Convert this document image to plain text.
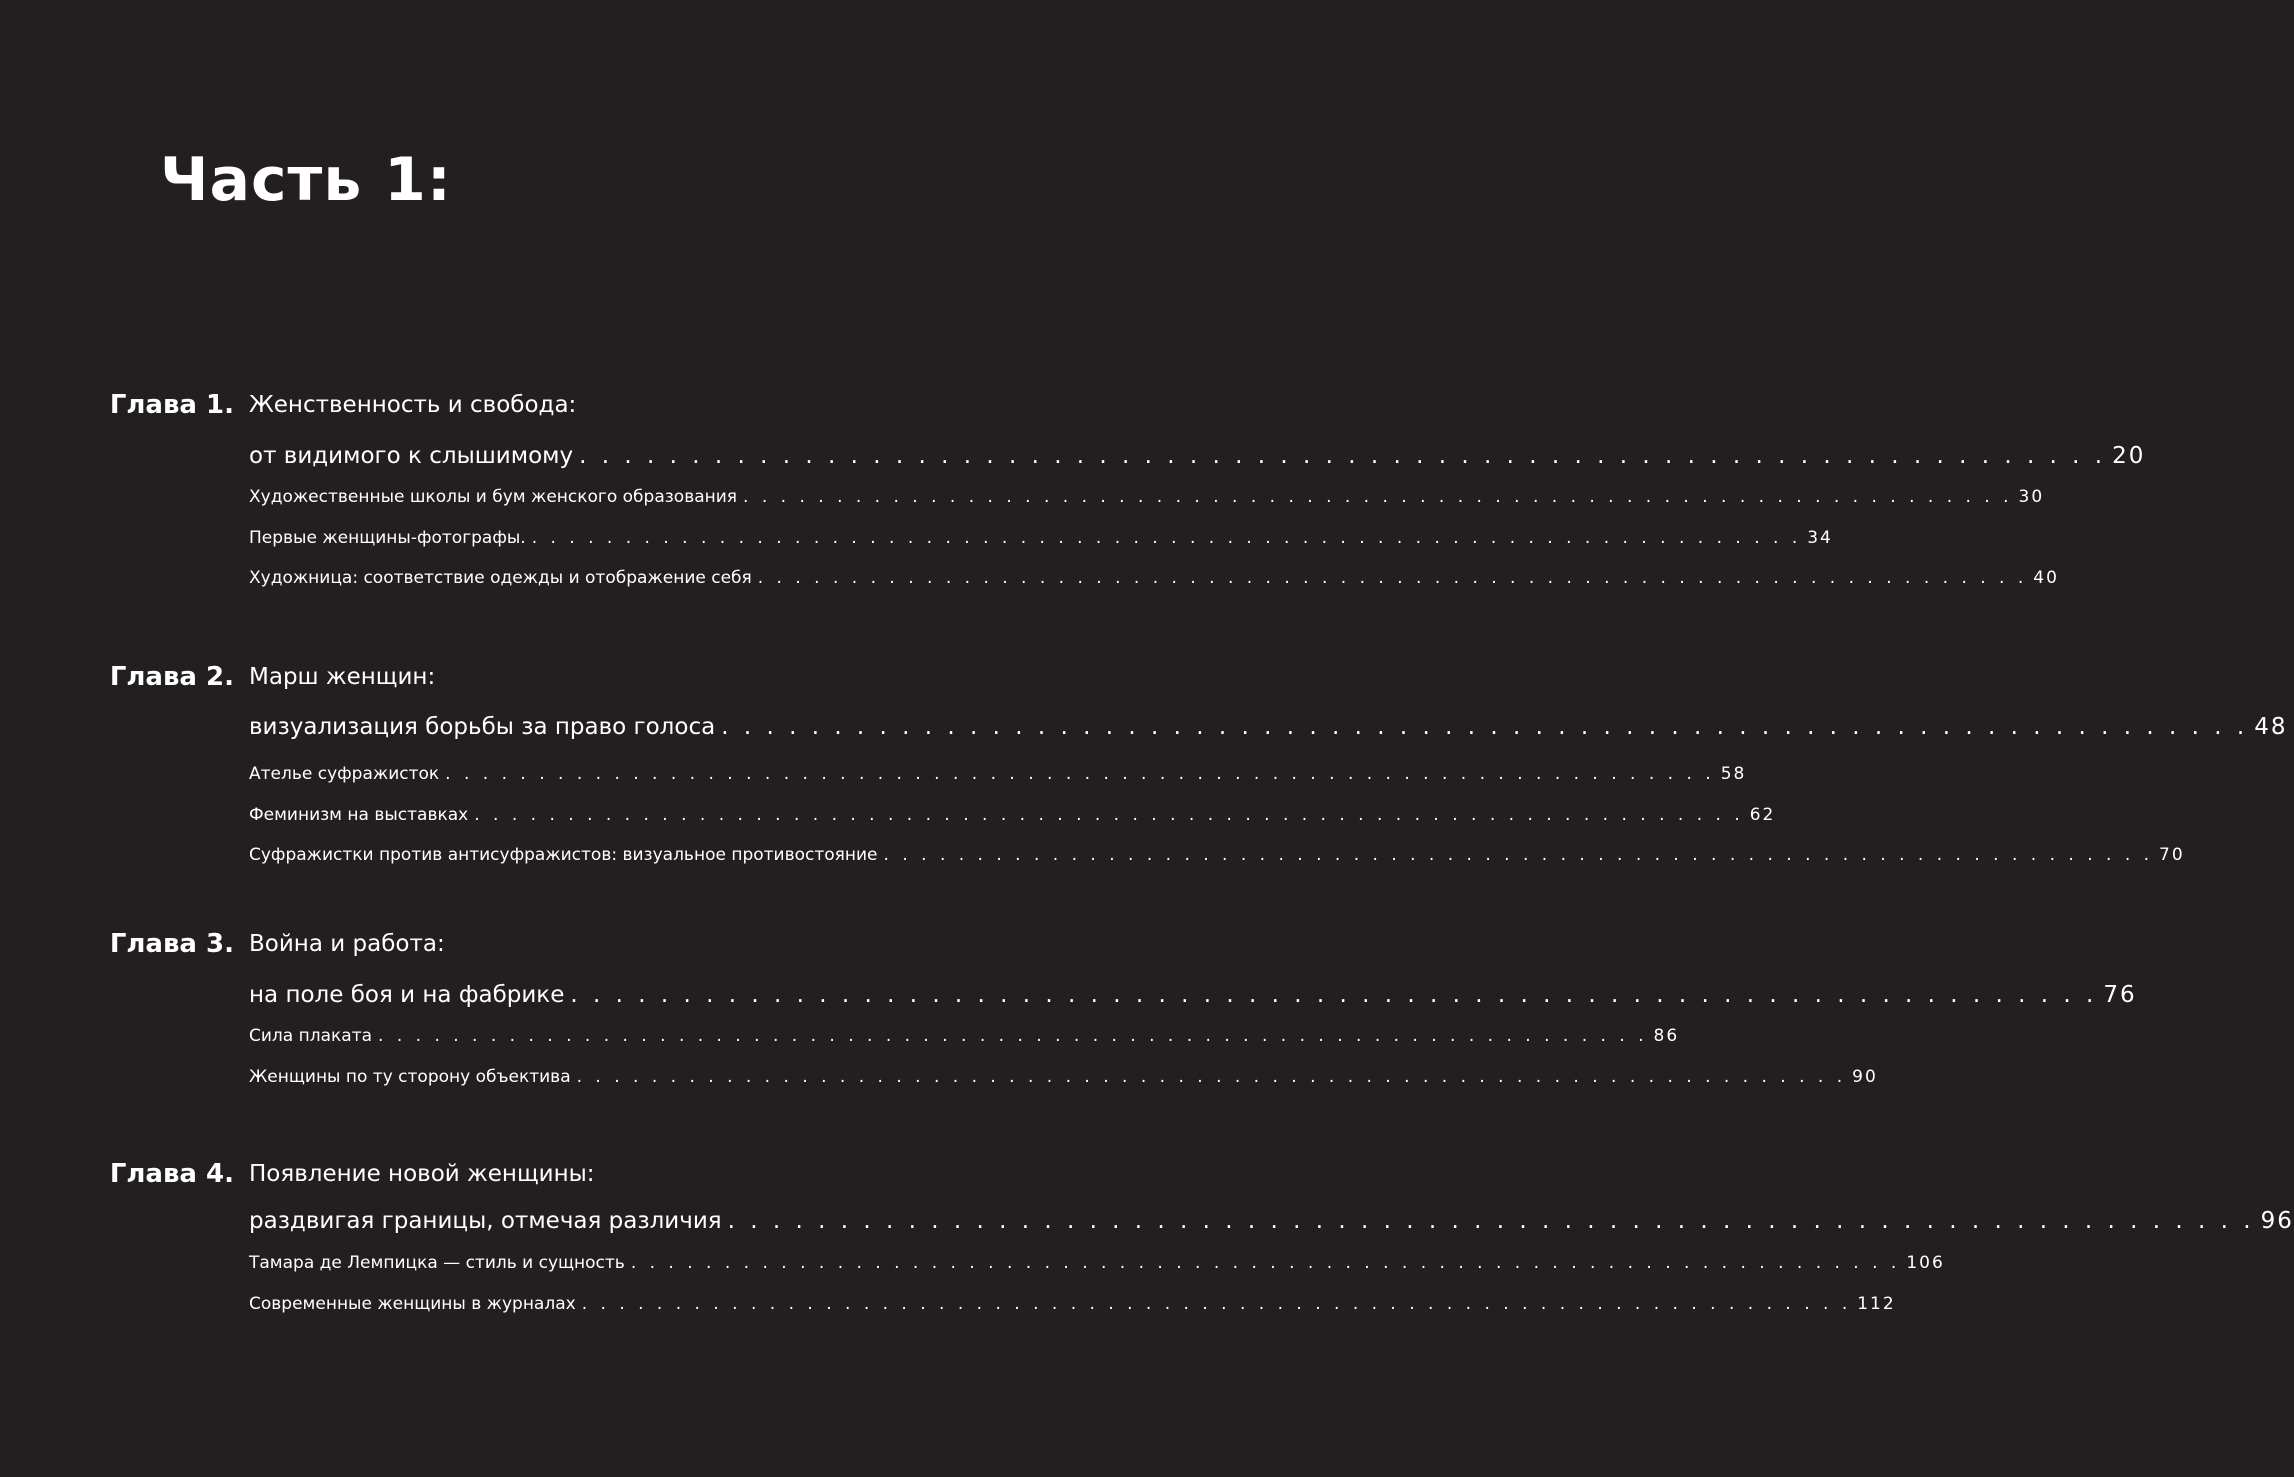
Часть 1:
Глава 1. Женственность и свобода:
от видимого к слышимому . . . . . . . . . . . . . . . . . . . . . . . . . . . . . . . . . . . . . . . . . . . . . . . . . . . . . . . . . . . . . . . . . . . . 20
Художественные школы и бум женского образования . . . . . . . . . . . . . . . . . . . . . . . . . . . . . . . . . . . . . . . . . . . . . . . . . . . . . . . . . . . . . . . . . . . . 30
Первые женщины-фотографы. . . . . . . . . . . . . . . . . . . . . . . . . . . . . . . . . . . . . . . . . . . . . . . . . . . . . . . . . . . . . . . . . . . . . 34
Художница: соответствие одежды и отображение себя . . . . . . . . . . . . . . . . . . . . . . . . . . . . . . . . . . . . . . . . . . . . . . . . . . . . . . . . . . . . . . . . . . . . 40
Глава 2. Марш женщин:
визуализация борьбы за право голоса . . . . . . . . . . . . . . . . . . . . . . . . . . . . . . . . . . . . . . . . . . . . . . . . . . . . . . . . . . . . . . . . . . . . 48
Ателье суфражисток . . . . . . . . . . . . . . . . . . . . . . . . . . . . . . . . . . . . . . . . . . . . . . . . . . . . . . . . . . . . . . . . . . . . 58
Феминизм на выставках . . . . . . . . . . . . . . . . . . . . . . . . . . . . . . . . . . . . . . . . . . . . . . . . . . . . . . . . . . . . . . . . . . . . 62
Суфражистки против антисуфражистов: визуальное противостояние . . . . . . . . . . . . . . . . . . . . . . . . . . . . . . . . . . . . . . . . . . . . . . . . . . . . . . . . . . . . . . . . . . . . 70
Глава 3. Война и работа:
на поле боя и на фабрике . . . . . . . . . . . . . . . . . . . . . . . . . . . . . . . . . . . . . . . . . . . . . . . . . . . . . . . . . . . . . . . . . . . . 76
Сила плаката . . . . . . . . . . . . . . . . . . . . . . . . . . . . . . . . . . . . . . . . . . . . . . . . . . . . . . . . . . . . . . . . . . . . 86
Женщины по ту сторону объектива . . . . . . . . . . . . . . . . . . . . . . . . . . . . . . . . . . . . . . . . . . . . . . . . . . . . . . . . . . . . . . . . . . . . 90
Глава 4. Появление новой женщины:
раздвигая границы, отмечая различия . . . . . . . . . . . . . . . . . . . . . . . . . . . . . . . . . . . . . . . . . . . . . . . . . . . . . . . . . . . . . . . . . . . . 96
Тамара де Лемпицка — стиль и сущность . . . . . . . . . . . . . . . . . . . . . . . . . . . . . . . . . . . . . . . . . . . . . . . . . . . . . . . . . . . . . . . . . . . . 106
Современные женщины в журналах . . . . . . . . . . . . . . . . . . . . . . . . . . . . . . . . . . . . . . . . . . . . . . . . . . . . . . . . . . . . . . . . . . . . 112
